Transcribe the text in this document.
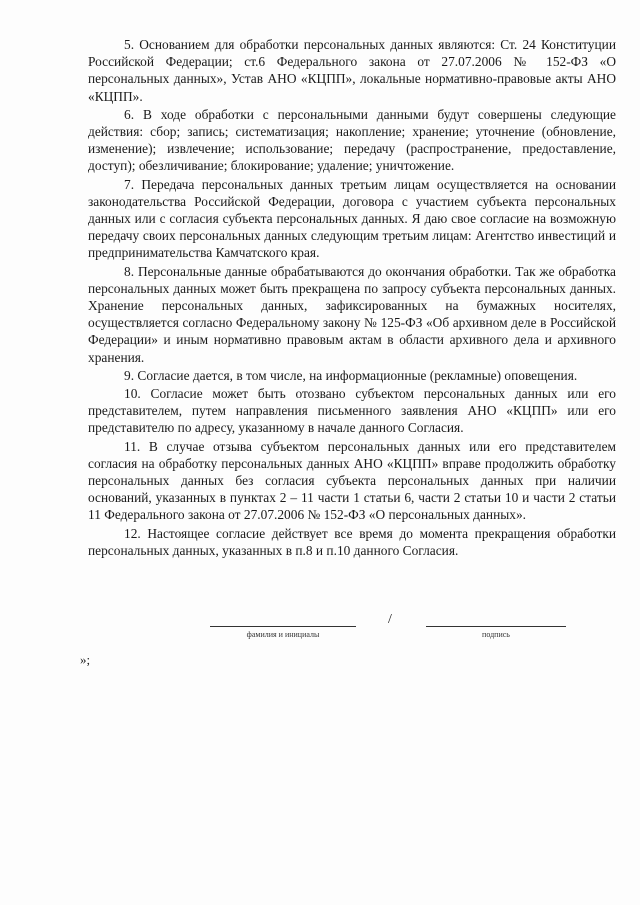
5. Основанием для обработки персональных данных являются: Ст. 24 Конституции Российской Федерации; ст.6 Федерального закона от 27.07.2006 № 152-ФЗ «О персональных данных», Устав АНО «КЦПП», локальные нормативно-правовые акты АНО «КЦПП».

6. В ходе обработки с персональными данными будут совершены следующие действия: сбор; запись; систематизация; накопление; хранение; уточнение (обновление, изменение); извлечение; использование; передачу (распространение, предоставление, доступ); обезличивание; блокирование; удаление; уничтожение.

7. Передача персональных данных третьим лицам осуществляется на основании законодательства Российской Федерации, договора с участием субъекта персональных данных или с согласия субъекта персональных данных. Я даю свое согласие на возможную передачу своих персональных данных следующим третьим лицам: Агентство инвестиций и предпринимательства Камчатского края.

8. Персональные данные обрабатываются до окончания обработки. Так же обработка персональных данных может быть прекращена по запросу субъекта персональных данных. Хранение персональных данных, зафиксированных на бумажных носителях, осуществляется согласно Федеральному закону № 125-ФЗ «Об архивном деле в Российской Федерации» и иным нормативно правовым актам в области архивного дела и архивного хранения.

9. Согласие дается, в том числе, на информационные (рекламные) оповещения.

10. Согласие может быть отозвано субъектом персональных данных или его представителем, путем направления письменного заявления АНО «КЦПП» или его представителю по адресу, указанному в начале данного Согласия.

11. В случае отзыва субъектом персональных данных или его представителем согласия на обработку персональных данных АНО «КЦПП» вправе продолжить обработку персональных данных без согласия субъекта персональных данных при наличии оснований, указанных в пунктах 2 – 11 части 1 статьи 6, части 2 статьи 10 и части 2 статьи 11 Федерального закона от 27.07.2006 № 152-ФЗ «О персональных данных».

12. Настоящее согласие действует все время до момента прекращения обработки персональных данных, указанных в п.8 и п.10 данного Согласия.

фамилия и инициалы
/
подпись
»;
